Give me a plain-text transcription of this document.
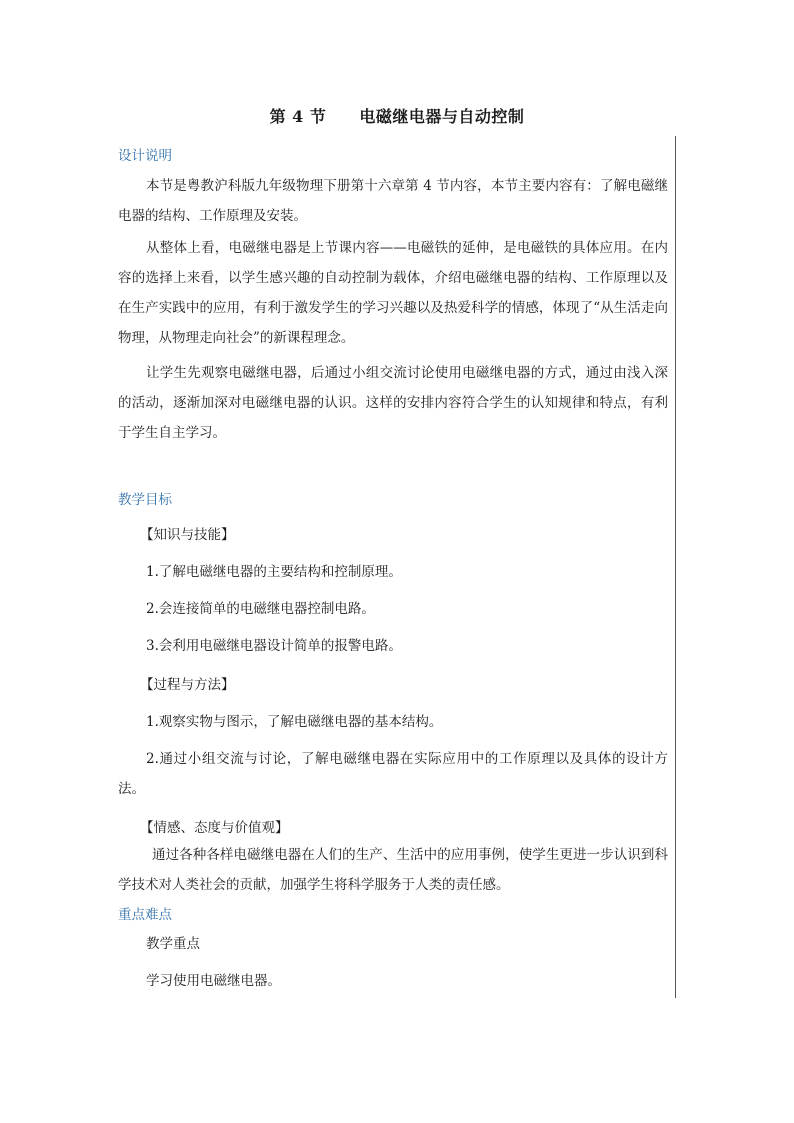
第 4 节　　电磁继电器与自动控制
设计说明
本节是粤教沪科版九年级物理下册第十六章第 4 节内容，本节主要内容有：了解电磁继电器的结构、工作原理及安装。
从整体上看，电磁继电器是上节课内容——电磁铁的延伸，是电磁铁的具体应用。在内容的选择上来看，以学生感兴趣的自动控制为载体，介绍电磁继电器的结构、工作原理以及在生产实践中的应用，有利于激发学生的学习兴趣以及热爱科学的情感，体现了“从生活走向物理，从物理走向社会”的新课程理念。
让学生先观察电磁继电器，后通过小组交流讨论使用电磁继电器的方式，通过由浅入深的活动，逐渐加深对电磁继电器的认识。这样的安排内容符合学生的认知规律和特点，有利于学生自主学习。
教学目标
【知识与技能】
1.了解电磁继电器的主要结构和控制原理。
2.会连接简单的电磁继电器控制电路。
3.会利用电磁继电器设计简单的报警电路。
【过程与方法】
1.观察实物与图示，了解电磁继电器的基本结构。
2.通过小组交流与讨论，了解电磁继电器在实际应用中的工作原理以及具体的设计方法。
【情感、态度与价值观】
通过各种各样电磁继电器在人们的生产、生活中的应用事例，使学生更进一步认识到科学技术对人类社会的贡献，加强学生将科学服务于人类的责任感。
重点难点
教学重点
学习使用电磁继电器。
